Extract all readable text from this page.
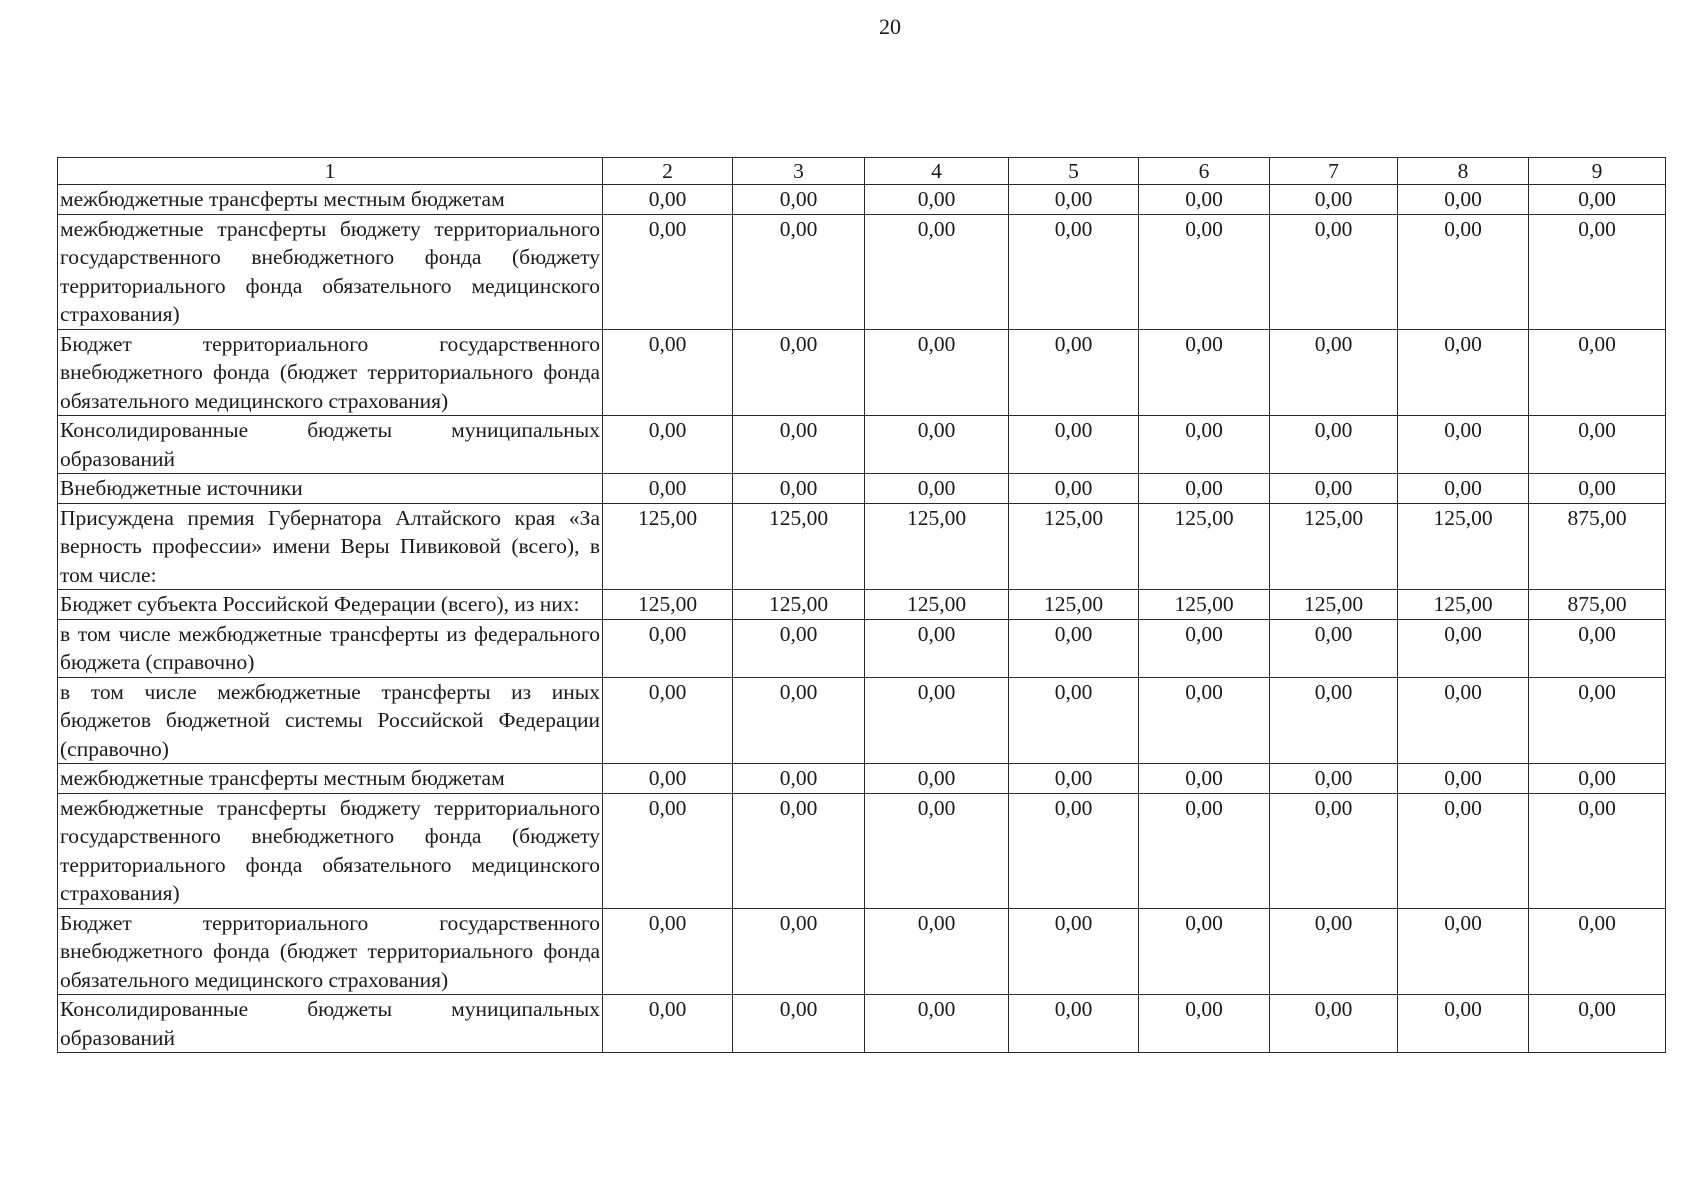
20
1	2	3	4	5	6	7	8	9
межбюджетные трансферты местным бюджетам	0,00	0,00	0,00	0,00	0,00	0,00	0,00	0,00
межбюджетные трансферты бюджету территориального государственного внебюджетного фонда (бюджету территориального фонда обязательного медицинского страхования)	0,00	0,00	0,00	0,00	0,00	0,00	0,00	0,00
Бюджет территориального государственного внебюджетного фонда (бюджет территориального фонда обязательного медицинского страхования)	0,00	0,00	0,00	0,00	0,00	0,00	0,00	0,00
Консолидированные бюджеты муниципальных образований	0,00	0,00	0,00	0,00	0,00	0,00	0,00	0,00
Внебюджетные источники	0,00	0,00	0,00	0,00	0,00	0,00	0,00	0,00
Присуждена премия Губернатора Алтайского края «За верность профессии» имени Веры Пивиковой (всего), в том числе:	125,00	125,00	125,00	125,00	125,00	125,00	125,00	875,00
Бюджет субъекта Российской Федерации (всего), из них:	125,00	125,00	125,00	125,00	125,00	125,00	125,00	875,00
в том числе межбюджетные трансферты из федерального бюджета (справочно)	0,00	0,00	0,00	0,00	0,00	0,00	0,00	0,00
в том числе межбюджетные трансферты из иных бюджетов бюджетной системы Российской Федерации (справочно)	0,00	0,00	0,00	0,00	0,00	0,00	0,00	0,00
межбюджетные трансферты местным бюджетам	0,00	0,00	0,00	0,00	0,00	0,00	0,00	0,00
межбюджетные трансферты бюджету территориального государственного внебюджетного фонда (бюджету территориального фонда обязательного медицинского страхования)	0,00	0,00	0,00	0,00	0,00	0,00	0,00	0,00
Бюджет территориального государственного внебюджетного фонда (бюджет территориального фонда обязательного медицинского страхования)	0,00	0,00	0,00	0,00	0,00	0,00	0,00	0,00
Консолидированные бюджеты муниципальных образований	0,00	0,00	0,00	0,00	0,00	0,00	0,00	0,00
